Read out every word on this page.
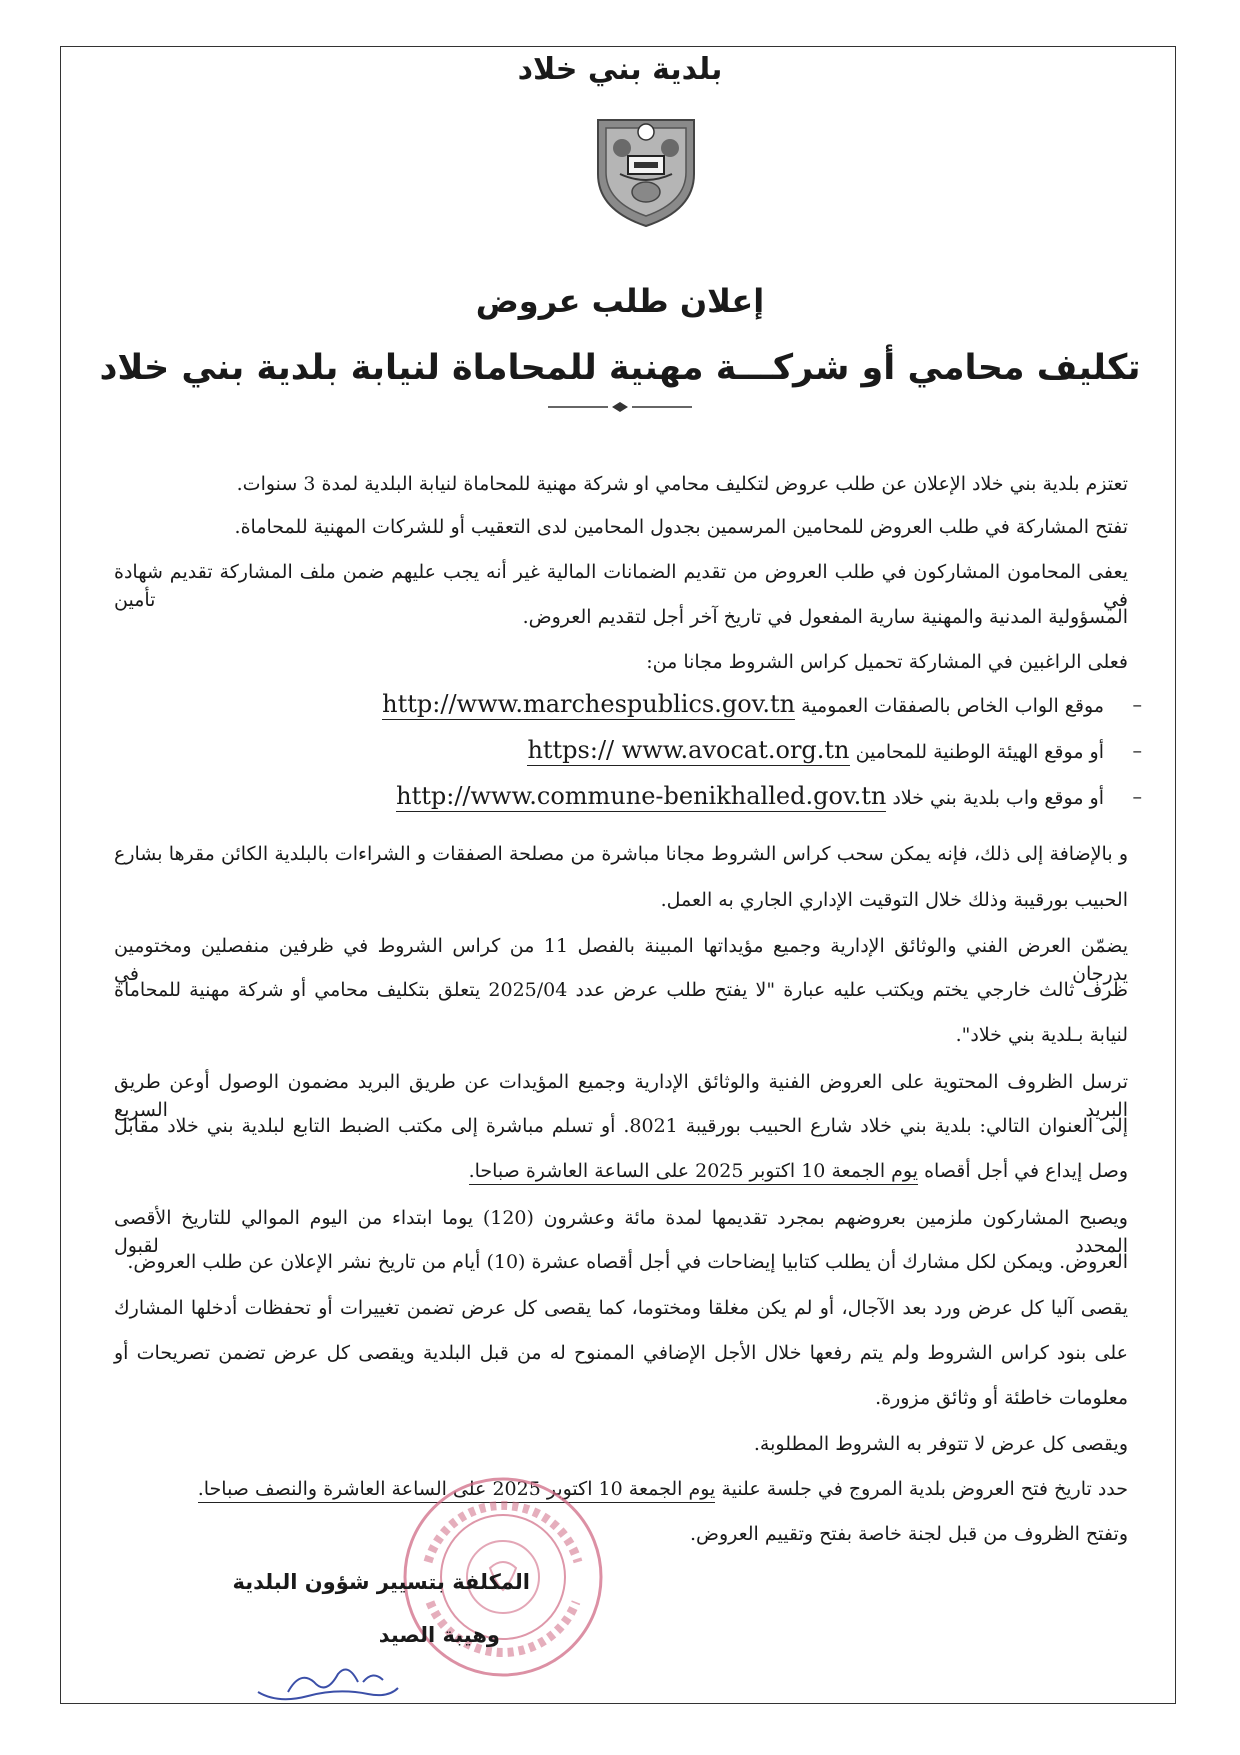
بلدية بني خلاد
إعلان طلب عروض
تكليف محامي أو شركـــة مهنية للمحاماة لنيابة بلدية بني خلاد
تعتزم بلدية بني خلاد الإعلان عن طلب عروض لتكليف محامي او شركة مهنية للمحاماة لنيابة البلدية لمدة 3 سنوات.
تفتح المشاركة في طلب العروض للمحامين المرسمين بجدول المحامين لدى التعقيب أو للشركات المهنية للمحاماة.
يعفى المحامون المشاركون في طلب العروض من تقديم الضمانات المالية غير أنه يجب عليهم ضمن ملف المشاركة تقديم شهادة في تأمين
المسؤولية المدنية والمهنية سارية المفعول في تاريخ آخر أجل لتقديم العروض.
فعلى الراغبين في المشاركة تحميل كراس الشروط مجانا من:
–
موقع الواب الخاص بالصفقات العمومية http://www.marchespublics.gov.tn
–
أو موقع الهيئة الوطنية للمحامين https:// www.avocat.org.tn
–
أو موقع واب بلدية بني خلاد http://www.commune-benikhalled.gov.tn
و بالإضافة إلى ذلك، فإنه يمكن سحب كراس الشروط مجانا مباشرة من مصلحة الصفقات و الشراءات بالبلدية الكائن مقرها بشارع
الحبيب بورقيبة وذلك خلال التوقيت الإداري الجاري به العمل.
يضمّن العرض الفني والوثائق الإدارية وجميع مؤيداتها المبينة بالفصل 11 من كراس الشروط في ظرفين منفصلين ومختومين يدرجان في
ظرف ثالث خارجي يختم ويكتب عليه عبارة "لا يفتح طلب عرض عدد 2025/04 يتعلق بتكليف محامي أو شركة مهنية للمحاماة
لنيابة بـلدية بني خلاد".
ترسل الظروف المحتوية على العروض الفنية والوثائق الإدارية وجميع المؤيدات عن طريق البريد مضمون الوصول أوعن طريق البريد السريع
إلى العنوان التالي: بلدية بني خلاد شارع الحبيب بورقيبة 8021. أو تسلم مباشرة إلى مكتب الضبط التابع لبلدية بني خلاد مقابل
وصل إيداع في أجل أقصاه يوم الجمعة 10 اكتوبر 2025 على الساعة العاشرة صباحا.
ويصبح المشاركون ملزمين بعروضهم بمجرد تقديمها لمدة مائة وعشرون (120) يوما ابتداء من اليوم الموالي للتاريخ الأقصى المحدد لقبول
العروض. ويمكن لكل مشارك أن يطلب كتابيا إيضاحات في أجل أقصاه عشرة (10) أيام من تاريخ نشر الإعلان عن طلب العروض.
يقصى آليا كل عرض ورد بعد الآجال، أو لم يكن مغلقا ومختوما، كما يقصى كل عرض تضمن تغييرات أو تحفظات أدخلها المشارك
على بنود كراس الشروط ولم يتم رفعها خلال الأجل الإضافي الممنوح له من قبل البلدية ويقصى كل عرض تضمن تصريحات أو
معلومات خاطئة أو وثائق مزورة.
ويقصى كل عرض لا تتوفر به الشروط المطلوبة.
حدد تاريخ فتح العروض بلدية المروج في جلسة علنية يوم الجمعة 10 اكتوبر 2025 على الساعة العاشرة والنصف صباحا.
وتفتح الظروف من قبل لجنة خاصة بفتح وتقييم العروض.
المكلفة بتسيير شؤون البلدية
وهيبة الصيد
